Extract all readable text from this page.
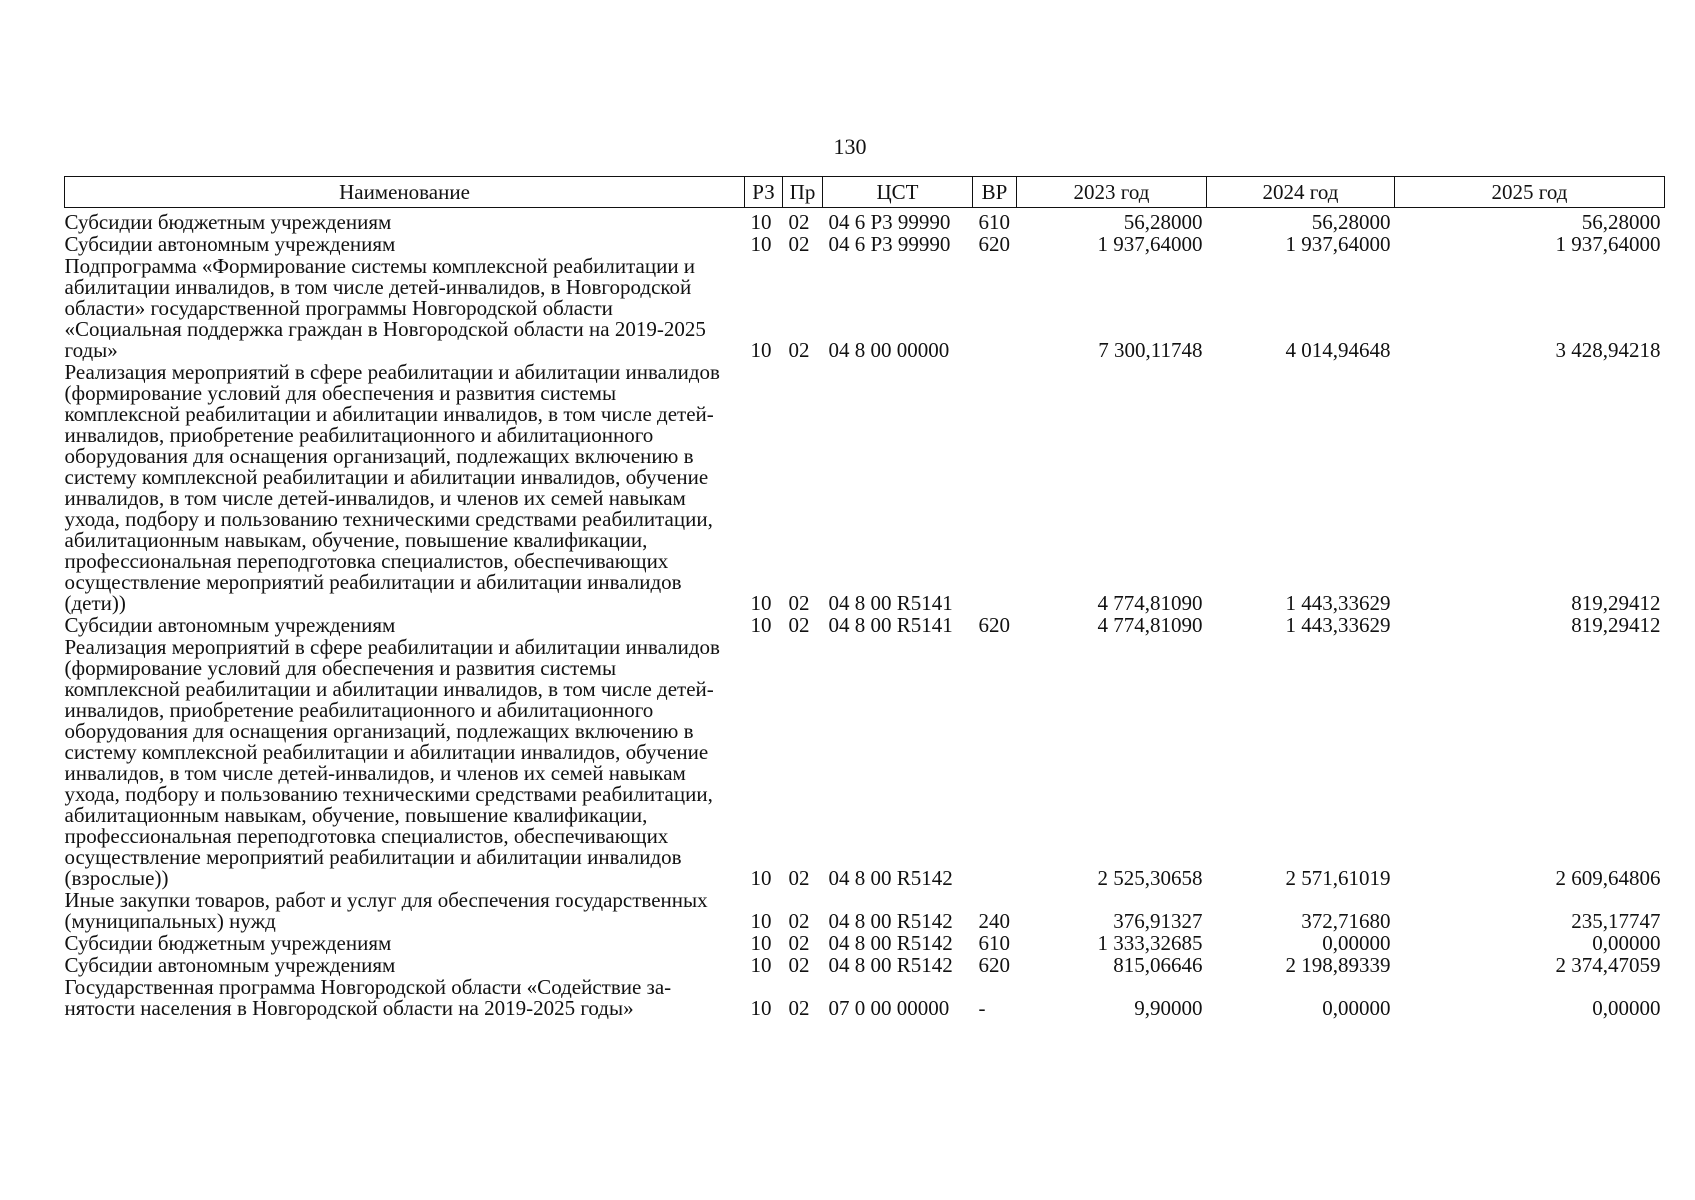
130
Наименование	РЗ	Пр	ЦСТ	ВР	2023 год	2024 год	2025 год
Субсидии бюджетным учреждениям	10	02	04 6 Р3 99990	610	56,28000	56,28000	56,28000
Субсидии автономным учреждениям	10	02	04 6 Р3 99990	620	1 937,64000	1 937,64000	1 937,64000
Подпрограмма «Формирование системы комплексной реабилитации и абилитации инвалидов, в том числе детей-инвалидов, в Новгородской области» государственной программы Новгородской области «Социальная поддержка граждан в Новгородской области на 2019-2025 годы»	10	02	04 8 00 00000		7 300,11748	4 014,94648	3 428,94218
Реализация мероприятий в сфере реабилитации и абилитации инвалидов (формирование условий для обеспечения и развития системы комплексной реабилитации и абилитации инвалидов, в том числе детей-инвалидов, приобретение реабилитационного и абилитационного оборудования для оснащения организаций, подлежащих включению в систему комплексной реабилитации и абилитации инвалидов, обучение инвалидов, в том числе детей-инвалидов, и членов их семей навыкам ухода, подбору и пользованию техническими средствами реабилитации, абилитационным навыкам, обучение, повышение квалификации, профессиональная переподготовка специалистов, обеспечивающих осуществление мероприятий реабилитации и абилитации инвалидов (дети))	10	02	04 8 00 R5141		4 774,81090	1 443,33629	819,29412
Субсидии автономным учреждениям	10	02	04 8 00 R5141	620	4 774,81090	1 443,33629	819,29412
Реализация мероприятий в сфере реабилитации и абилитации инвалидов (формирование условий для обеспечения и развития системы комплексной реабилитации и абилитации инвалидов, в том числе детей-инвалидов, приобретение реабилитационного и абилитационного оборудования для оснащения организаций, подлежащих включению в систему комплексной реабилитации и абилитации инвалидов, обучение инвалидов, в том числе детей-инвалидов, и членов их семей навыкам ухода, подбору и пользованию техническими средствами реабилитации, абилитационным навыкам, обучение, повышение квалификации, профессиональная переподготовка специалистов, обеспечивающих осуществление мероприятий реабилитации и абилитации инвалидов (взрослые))	10	02	04 8 00 R5142		2 525,30658	2 571,61019	2 609,64806
Иные закупки товаров, работ и услуг для обеспечения государственных (муниципальных) нужд	10	02	04 8 00 R5142	240	376,91327	372,71680	235,17747
Субсидии бюджетным учреждениям	10	02	04 8 00 R5142	610	1 333,32685	0,00000	0,00000
Субсидии автономным учреждениям	10	02	04 8 00 R5142	620	815,06646	2 198,89339	2 374,47059
Государственная программа Новгородской области «Содействие занятости населения в Новгородской области на 2019-2025 годы»	10	02	07 0 00 00000	-	9,90000	0,00000	0,00000
